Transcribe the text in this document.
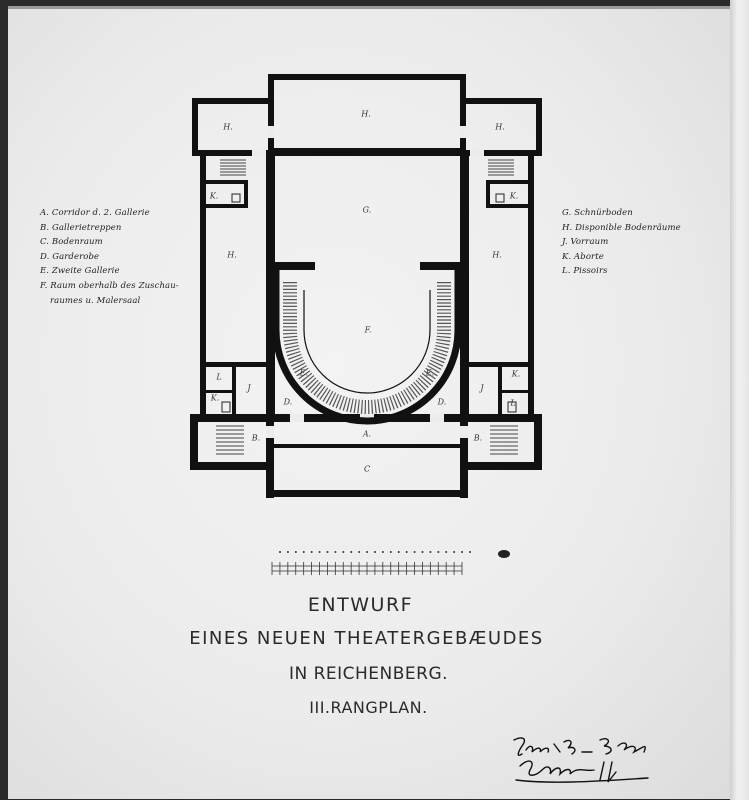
H.
H.
H.
G.
H.	H.
K.	K.
F.
E.	E.
D.	D.
L
J	J
K.
K.
L
A.
B.	B.
C
A. Corridor d. 2. Gallerie
B. Gallerietreppen
C. Bodenraum
D. Garderobe
E. Zweite Gallerie
F. Raum oberhalb des Zuschau-
raumes u. Malersaal
G. Schnürboden
H. Disponible Bodenräume
J. Vorraum
K. Aborte
L. Pissoirs
ENTWURF
EINES NEUEN THEATERGEBÆUDES
IN REICHENBERG.
III.RANGPLAN.
